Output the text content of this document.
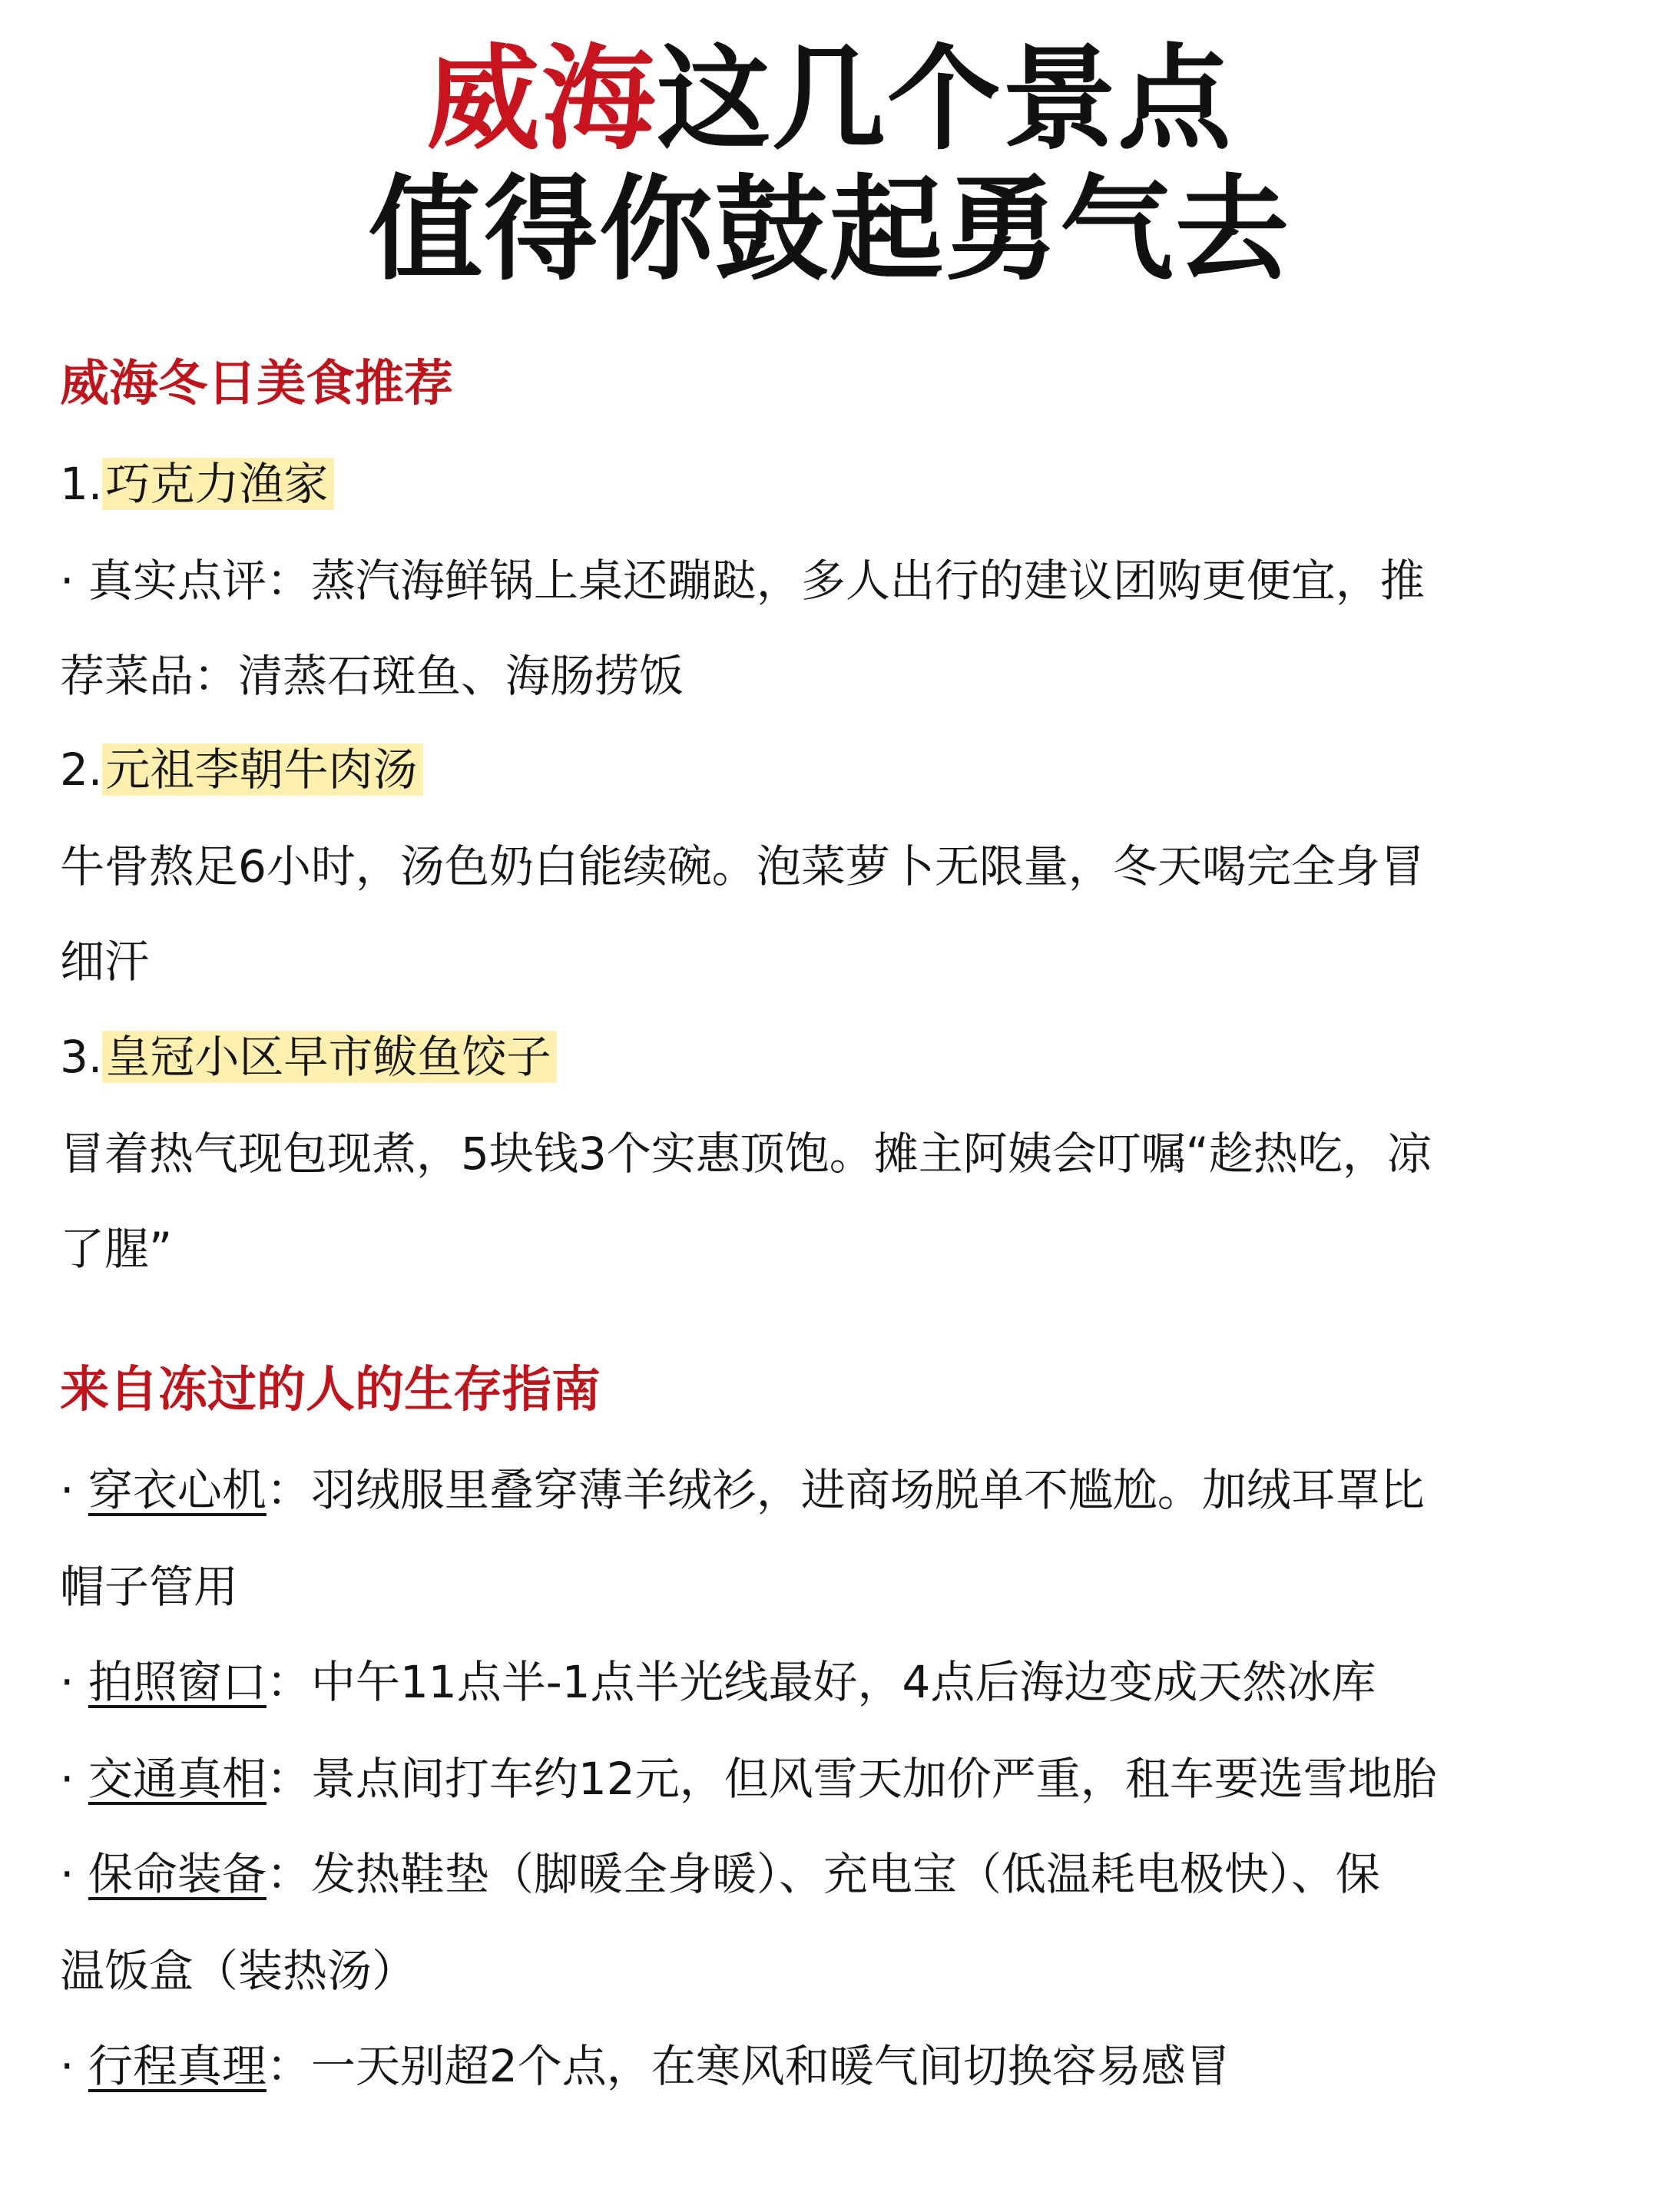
威海这几个景点
值得你鼓起勇气去
威海冬日美食推荐
1.巧克力渔家
· 真实点评：蒸汽海鲜锅上桌还蹦跶，多人出行的建议团购更便宜，推
荐菜品：清蒸石斑鱼、海肠捞饭
2.元祖李朝牛肉汤
牛骨熬足6小时，汤色奶白能续碗。泡菜萝卜无限量，冬天喝完全身冒
细汗
3.皇冠小区早市鲅鱼饺子
冒着热气现包现煮，5块钱3个实惠顶饱。摊主阿姨会叮嘱“趁热吃，凉
了腥”
来自冻过的人的生存指南
· 穿衣心机：羽绒服里叠穿薄羊绒衫，进商场脱单不尴尬。加绒耳罩比
帽子管用
· 拍照窗口：中午11点半-1点半光线最好，4点后海边变成天然冰库
· 交通真相：景点间打车约12元，但风雪天加价严重，租车要选雪地胎
· 保命装备：发热鞋垫（脚暖全身暖）、充电宝（低温耗电极快）、保
温饭盒（装热汤）
· 行程真理：一天别超2个点，在寒风和暖气间切换容易感冒
